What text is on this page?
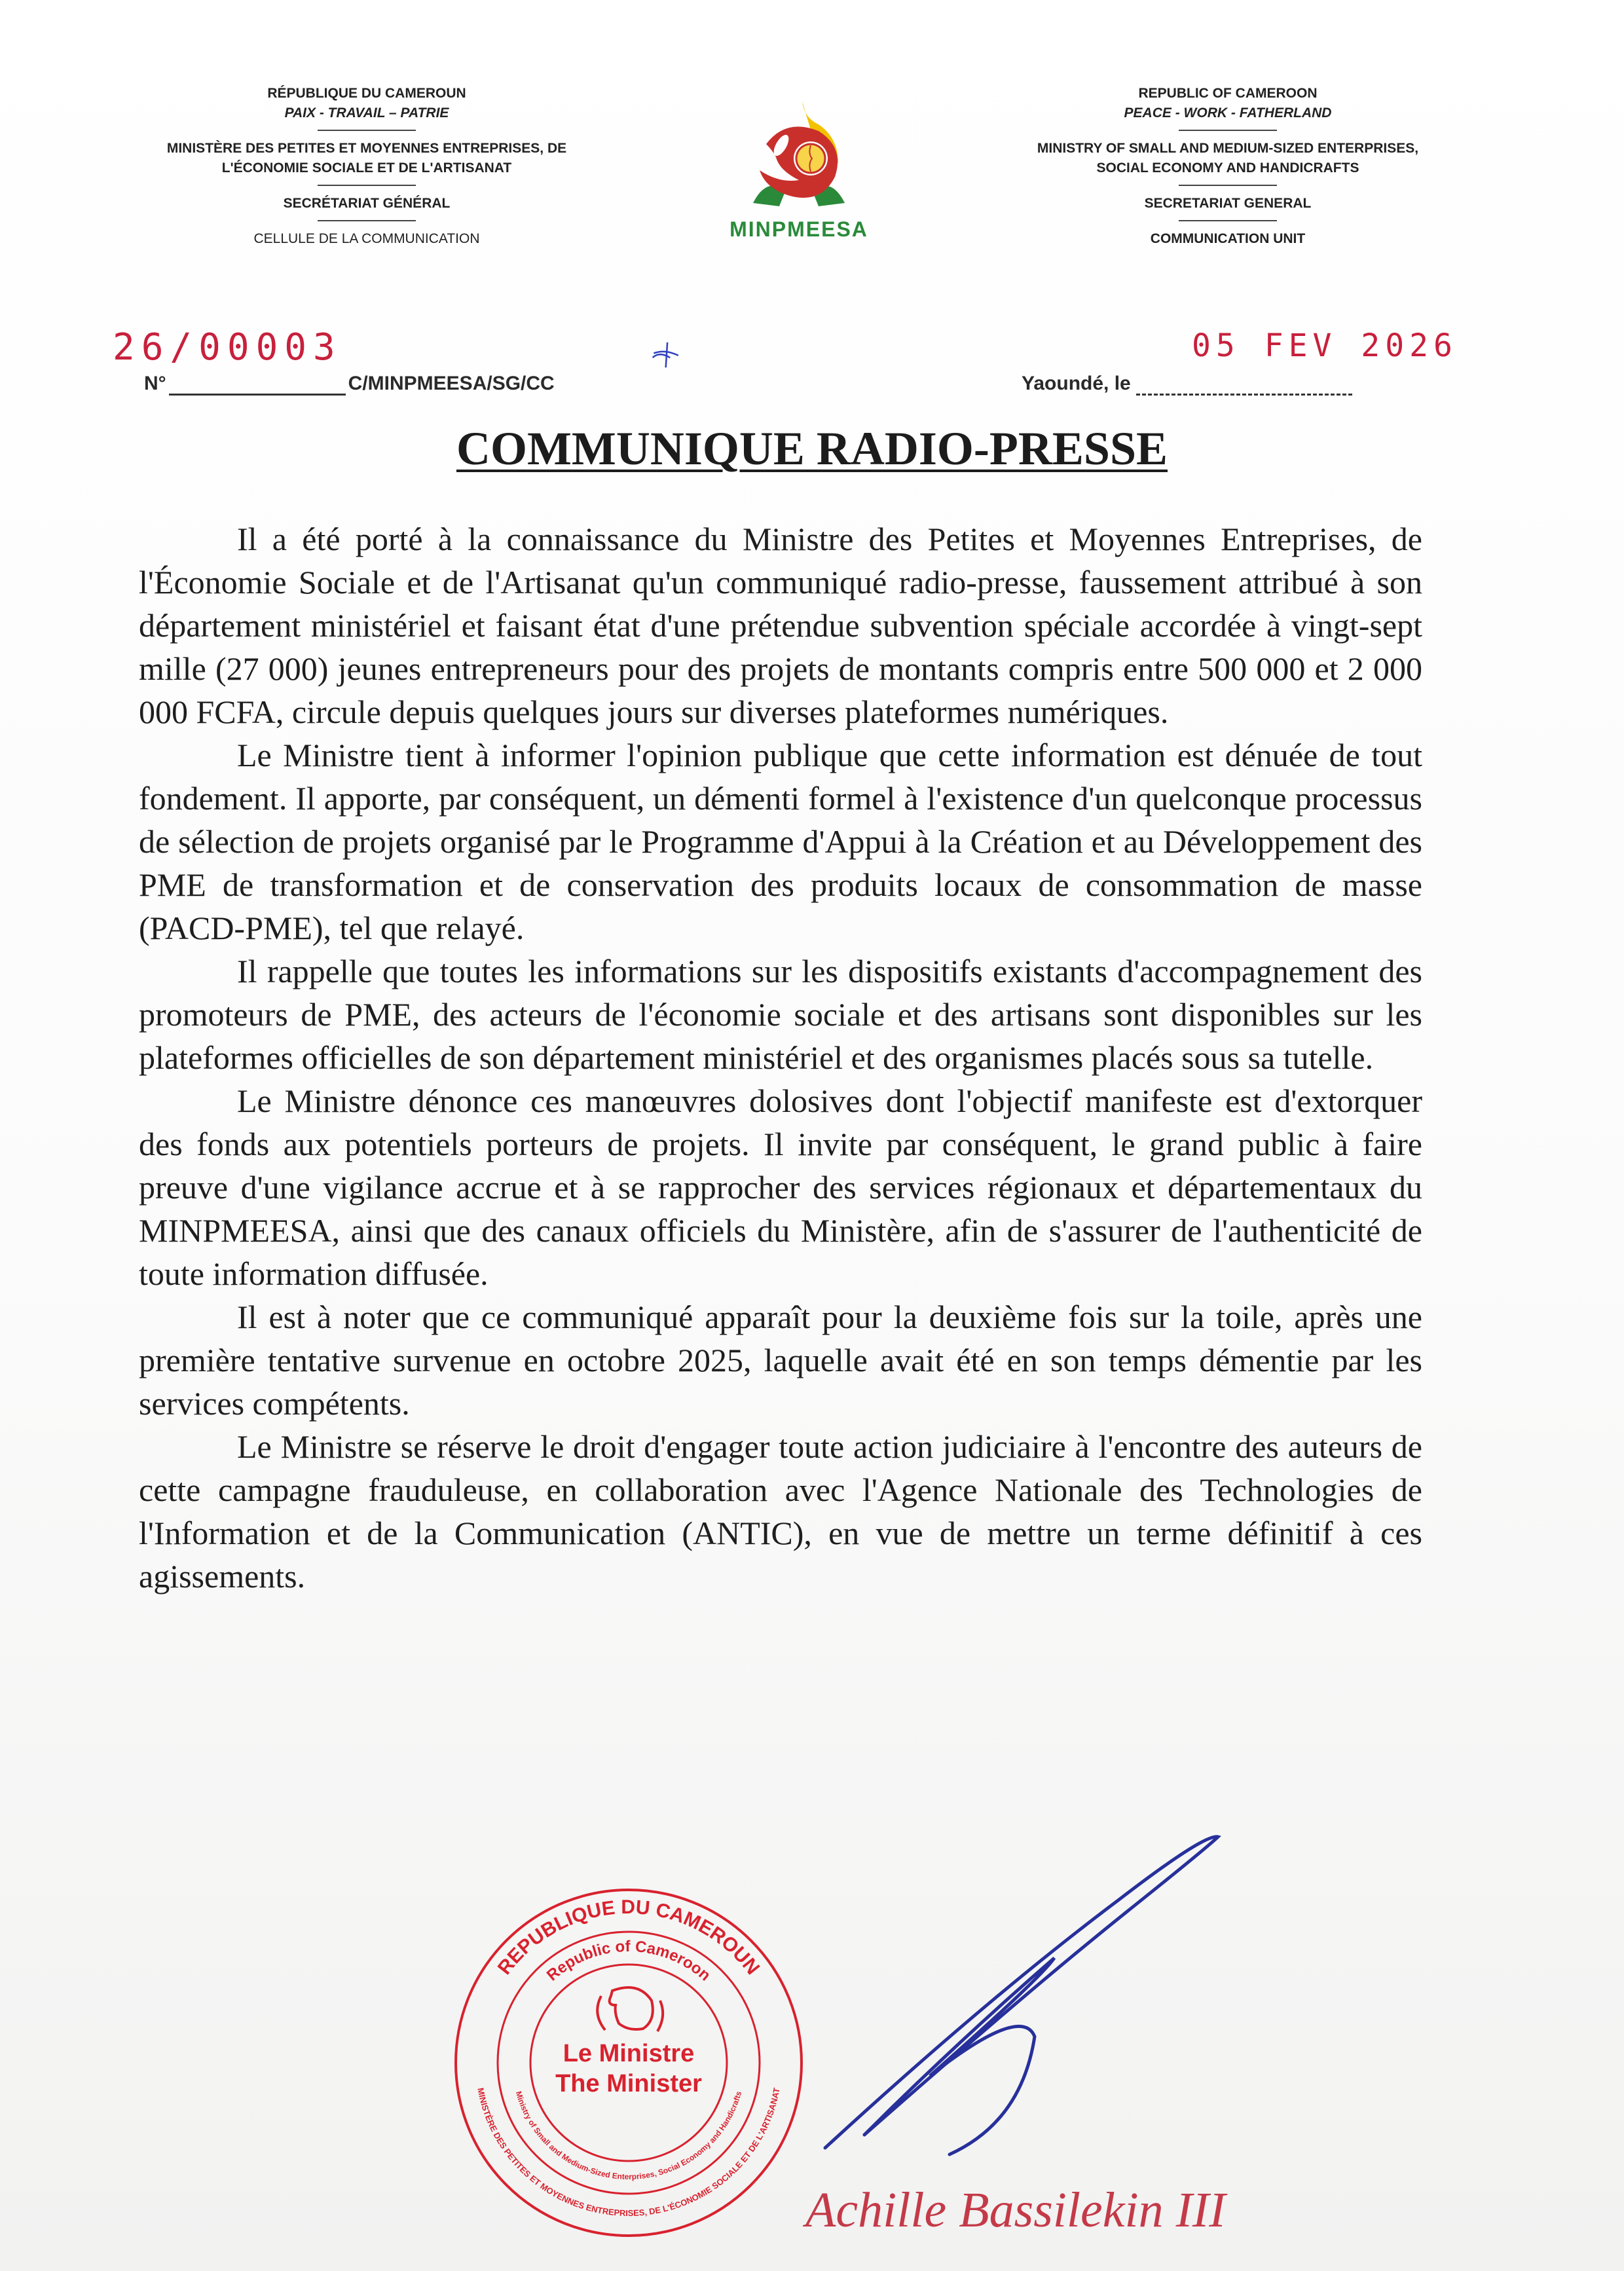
RÉPUBLIQUE DU CAMEROUN
PAIX - TRAVAIL – PATRIE
MINISTÈRE DES PETITES ET MOYENNES ENTREPRISES, DE L'ÉCONOMIE SOCIALE ET DE L'ARTISANAT
SECRÉTARIAT GÉNÉRAL
CELLULE DE LA COMMUNICATION	MINPMEESA
REPUBLIC OF CAMEROON
PEACE - WORK - FATHERLAND
MINISTRY OF SMALL AND MEDIUM-SIZED ENTERPRISES, SOCIAL ECONOMY AND HANDICRAFTS
SECRETARIAT GENERAL
COMMUNICATION UNIT
26/00003
N°	C/MINPMEESA/SG/CC
05 FEV 2026
Yaoundé, le
COMMUNIQUE RADIO-PRESSE

Il a été porté à la connaissance du Ministre des Petites et Moyennes Entreprises, de l'Économie Sociale et de l'Artisanat qu'un communiqué radio-presse, faussement attribué à son département ministériel et faisant état d'une prétendue subvention spéciale accordée à vingt-sept mille (27 000) jeunes entrepreneurs pour des projets de montants compris entre 500 000 et 2 000 000 FCFA, circule depuis quelques jours sur diverses plateformes numériques.

Le Ministre tient à informer l'opinion publique que cette information est dénuée de tout fondement. Il apporte, par conséquent, un démenti formel à l'existence d'un quelconque processus de sélection de projets organisé par le Programme d'Appui à la Création et au Développement des PME de transformation et de conservation des produits locaux de consommation de masse (PACD-PME), tel que relayé.

Il rappelle que toutes les informations sur les dispositifs existants d'accompagnement des promoteurs de PME, des acteurs de l'économie sociale et des artisans sont disponibles sur les plateformes officielles de son département ministériel et des organismes placés sous sa tutelle.

Le Ministre dénonce ces manœuvres dolosives dont l'objectif manifeste est d'extorquer des fonds aux potentiels porteurs de projets. Il invite par conséquent, le grand public à faire preuve d'une vigilance accrue et à se rapprocher des services régionaux et départementaux du MINPMEESA, ainsi que des canaux officiels du Ministère, afin de s'assurer de l'authenticité de toute information diffusée.

Il est à noter que ce communiqué apparaît pour la deuxième fois sur la toile, après une première tentative survenue en octobre 2025, laquelle avait été en son temps démentie par les services compétents.

Le Ministre se réserve le droit d'engager toute action judiciaire à l'encontre des auteurs de cette campagne frauduleuse, en collaboration avec l'Agence Nationale des Technologies de l'Information et de la Communication (ANTIC), en vue de mettre un terme définitif à ces agissements.

REPUBLIQUE DU CAMEROUN
Republic of Cameroon
MINISTÈRE DES PETITES ET MOYENNES ENTREPRISES, DE L'ÉCONOMIE SOCIALE ET DE L'ARTISANAT
Ministry of Small and Medium-Sized Enterprises, Social Economy and Handicrafts
Le Ministre
The Minister
Achille Bassilekin III
